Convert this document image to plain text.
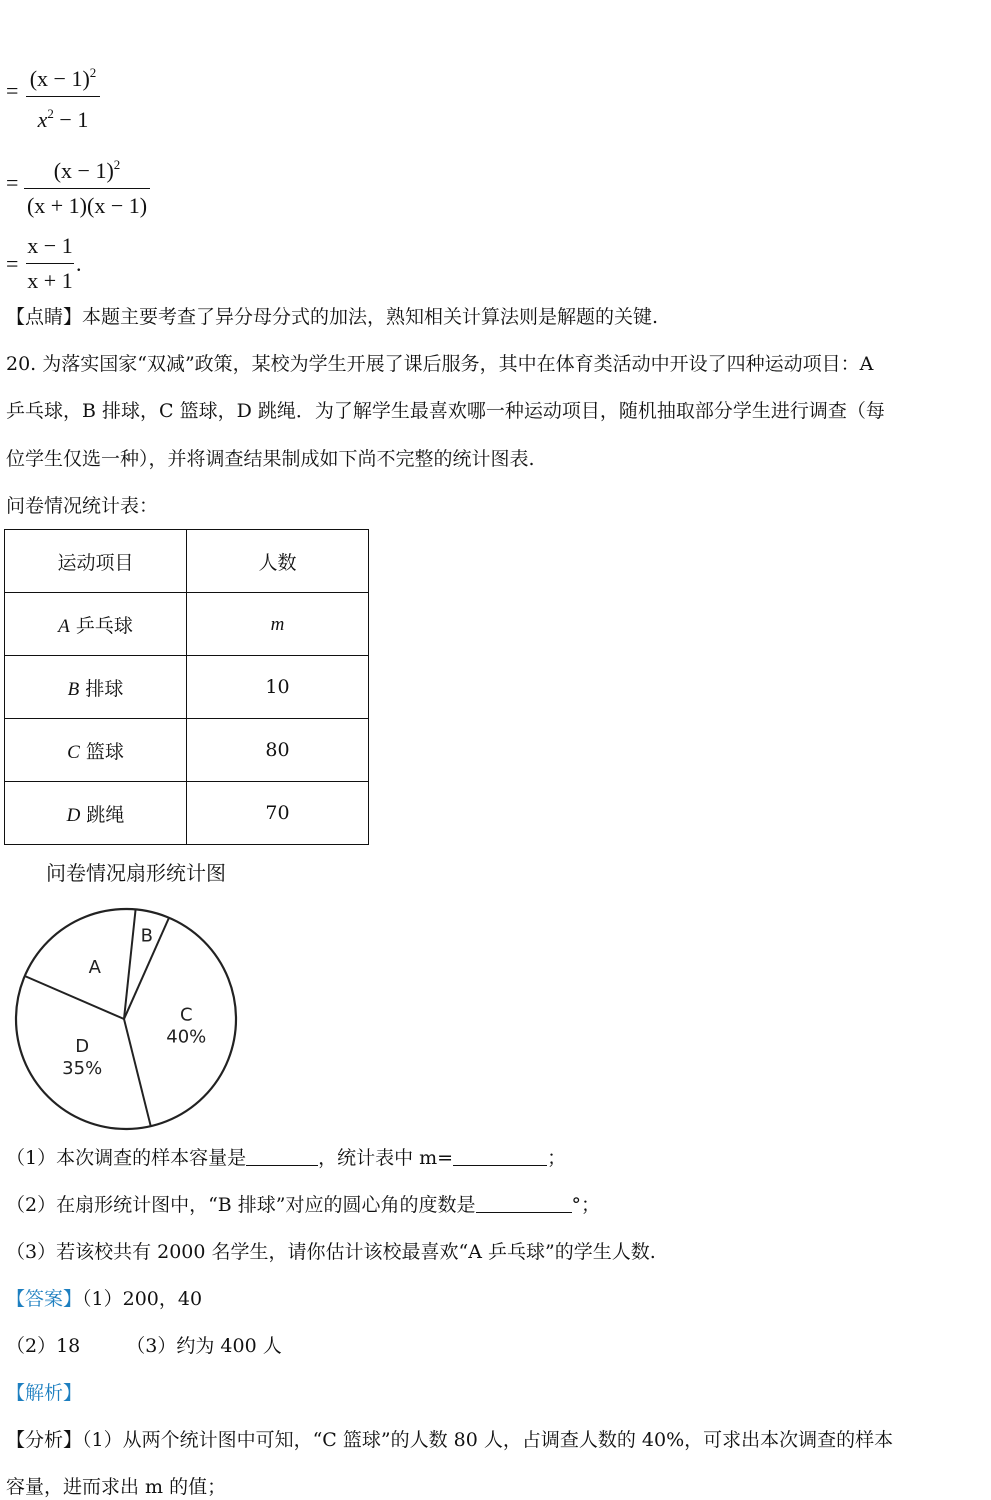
= $(x - 1)^2$
$x^2 - 1$
=	$(x - 1)^2$
(x + 1)(x − 1)
=
x − 1
x + 1
.
【点睛】本题主要考查了异分母分式的加法，熟知相关计算法则是解题的关键.
20. 为落实国家“双减”政策，某校为学生开展了课后服务，其中在体育类活动中开设了四种运动项目：A
乒乓球，B 排球，C 篮球，D 跳绳．为了解学生最喜欢哪一种运动项目，随机抽取部分学生进行调查（每
位学生仅选一种），并将调查结果制成如下尚不完整的统计图表.
问卷情况统计表：
运动项目	人数
A 乒乓球	m
B 排球	10
C 篮球	80
D 跳绳	70
问卷情况扇形统计图
A
B
C
40%
D
35%
（1）本次调查的样本容量是	，统计表中 m=	；
（2）在扇形统计图中，“B 排球”对应的圆心角的度数是	°；
（3）若该校共有 2000 名学生，请你估计该校最喜欢“A 乒乓球”的学生人数.
【答案】（1）200，40
（2）18 （3）约为 400 人
【解析】
【分析】（1）从两个统计图中可知，“C 篮球”的人数 80 人，占调查人数的 40%，可求出本次调查的样本
容量，进而求出 m 的值；
